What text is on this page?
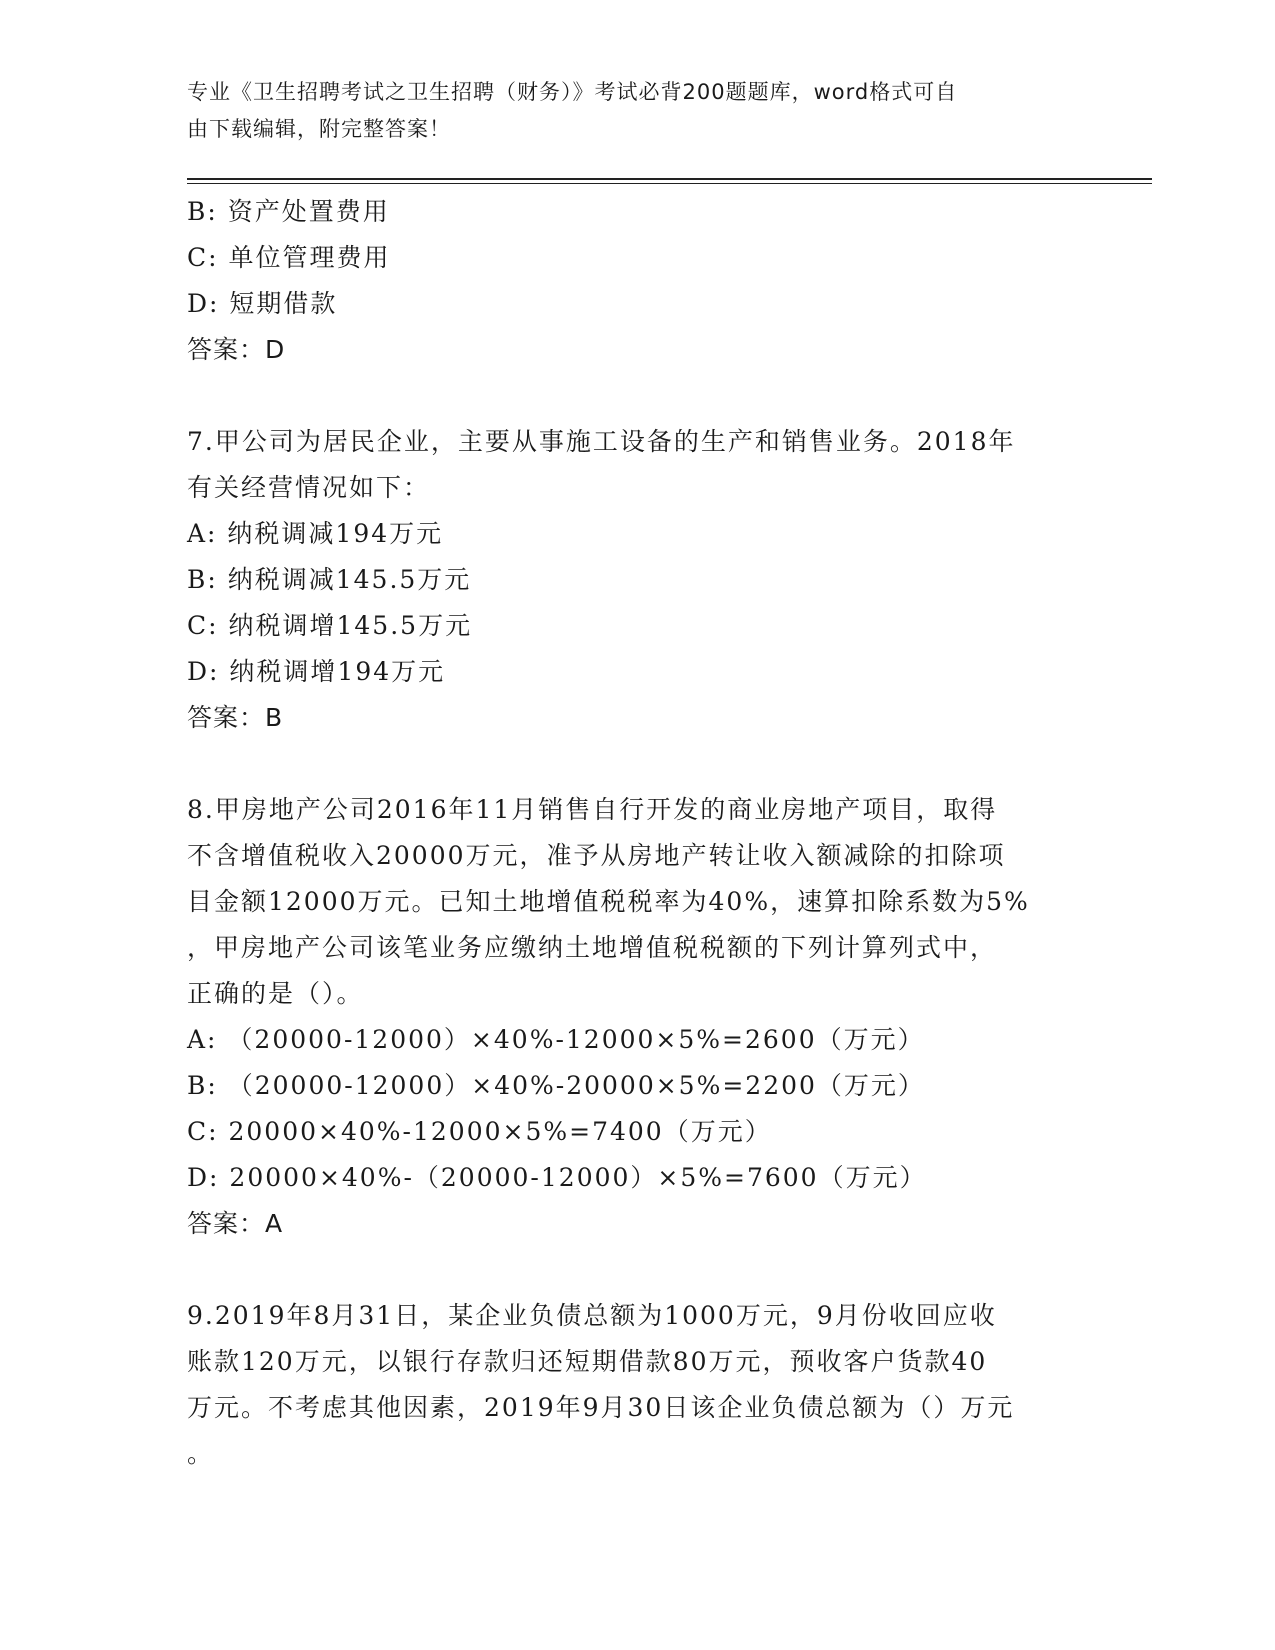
专业《卫生招聘考试之卫生招聘（财务）》考试必背200题题库，word格式可自
由下载编辑，附完整答案！
B: 资产处置费用
C: 单位管理费用
D: 短期借款
答案：D
7.甲公司为居民企业，主要从事施工设备的生产和销售业务。2018年
有关经营情况如下：
A: 纳税调减194万元
B: 纳税调减145.5万元
C: 纳税调增145.5万元
D: 纳税调增194万元
答案：B
8.甲房地产公司2016年11月销售自行开发的商业房地产项目，取得
不含增值税收入20000万元，准予从房地产转让收入额减除的扣除项
目金额12000万元。已知土地增值税税率为40%，速算扣除系数为5%
，甲房地产公司该笔业务应缴纳土地增值税税额的下列计算列式中，
正确的是（）。
A: （20000-12000）×40%-12000×5%=2600（万元）
B: （20000-12000）×40%-20000×5%=2200（万元）
C: 20000×40%-12000×5%=7400（万元）
D: 20000×40%-（20000-12000）×5%=7600（万元）
答案：A
9.2019年8月31日，某企业负债总额为1000万元，9月份收回应收
账款120万元，以银行存款归还短期借款80万元，预收客户货款40
万元。不考虑其他因素，2019年9月30日该企业负债总额为（）万元
。
